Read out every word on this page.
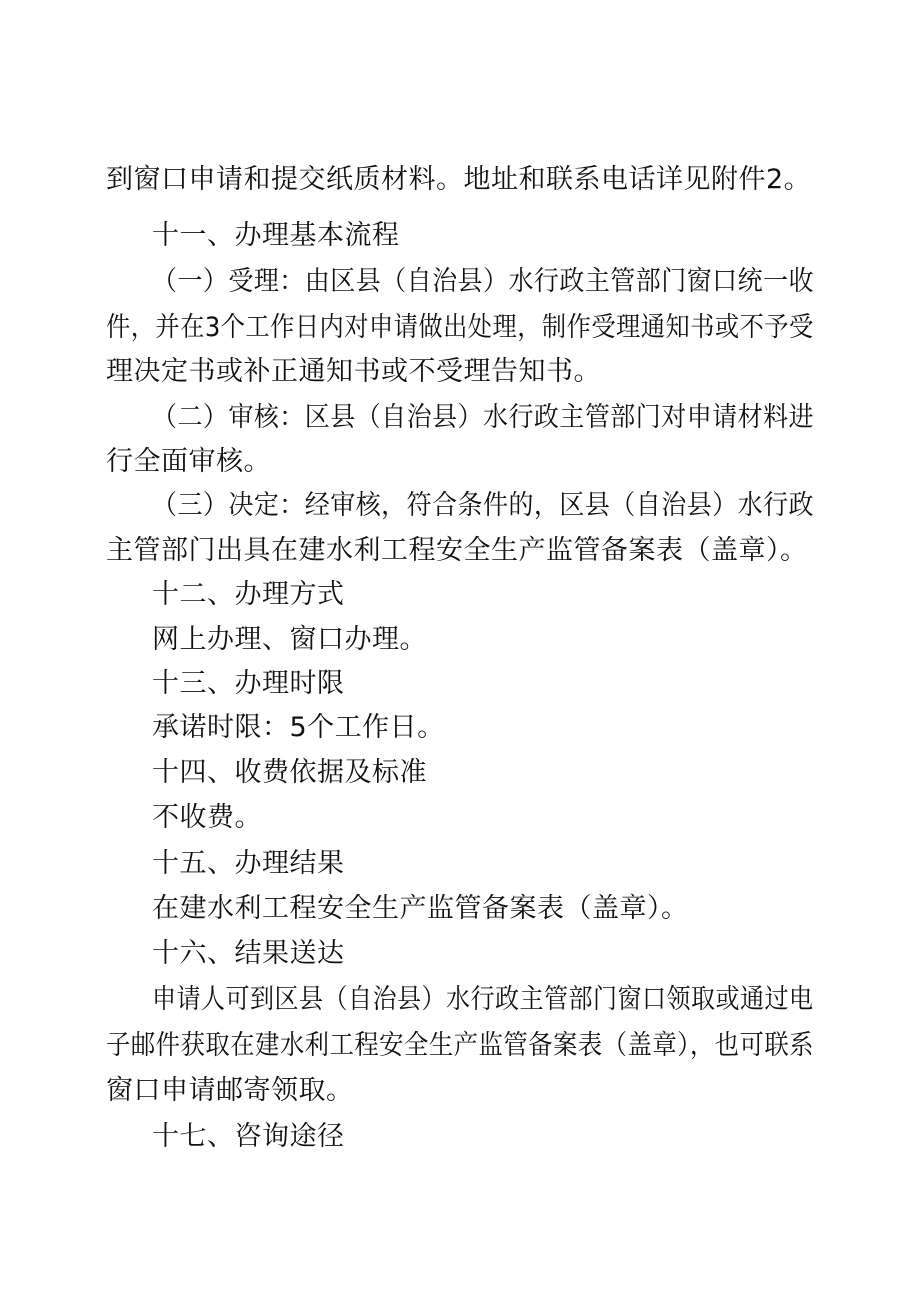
到窗口申请和提交纸质材料。地址和联系电话详见附件2。

十一、办理基本流程

（一）受理：由区县（自治县）水行政主管部门窗口统一收

件，并在3个工作日内对申请做出处理，制作受理通知书或不予受

理决定书或补正通知书或不受理告知书。

（二）审核：区县（自治县）水行政主管部门对申请材料进

行全面审核。

（三）决定：经审核，符合条件的，区县（自治县）水行政

主管部门出具在建水利工程安全生产监管备案表（盖章）。

十二、办理方式

网上办理、窗口办理。

十三、办理时限

承诺时限：5个工作日。

十四、收费依据及标准

不收费。

十五、办理结果

在建水利工程安全生产监管备案表（盖章）。

十六、结果送达

申请人可到区县（自治县）水行政主管部门窗口领取或通过电

子邮件获取在建水利工程安全生产监管备案表（盖章），也可联系

窗口申请邮寄领取。

十七、咨询途径
